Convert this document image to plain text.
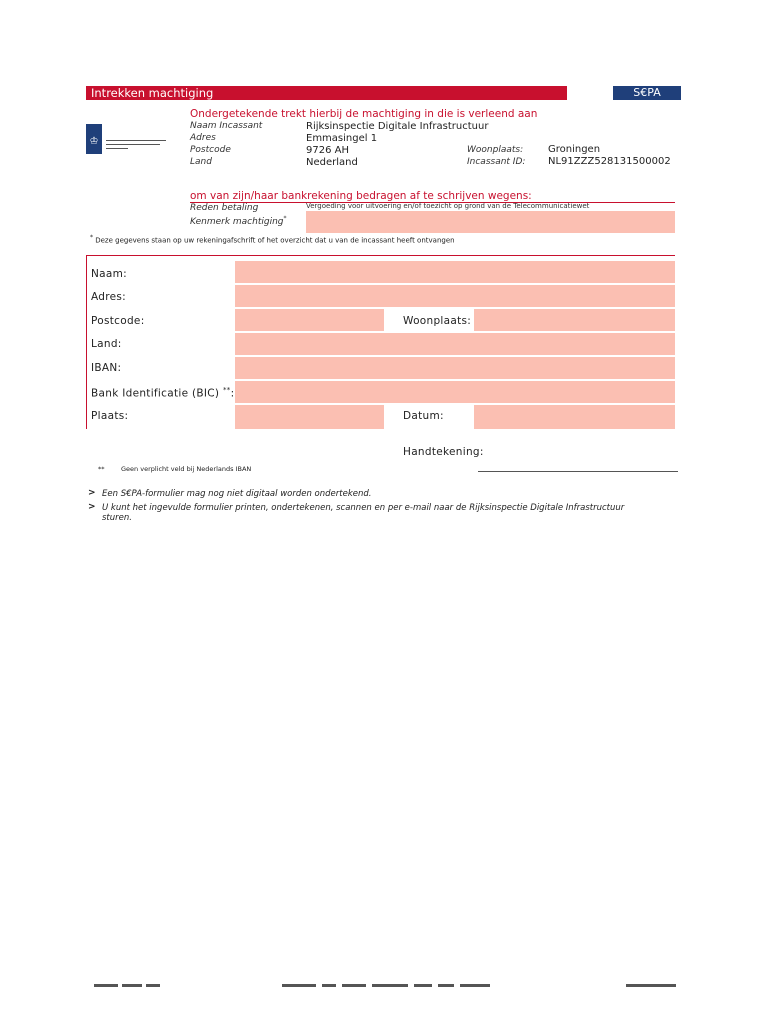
Intrekken machtiging	S€PA
♔
Ondergetekende trekt hierbij de machtiging in die is verleend aan
Naam Incassant	Rijksinspectie Digitale Infrastructuur
Adres	Emmasingel 1
Postcode	9726 AH
Land	Nederland
Woonplaats: Groningen
Incassant ID: NL91ZZZ528131500002
om van zijn/haar bankrekening bedragen af te schrijven wegens:
Reden betaling	Vergoeding voor uitvoering en/of toezicht op grond van de Telecommunicatiewet
Kenmerk machtiging*
* Deze gegevens staan op uw rekeningafschrift of het overzicht dat u van de incassant heeft ontvangen
Naam:
Adres:
Postcode:	Woonplaats:
Land:
IBAN:
Bank Identificatie (BIC) **:
Plaats:	Datum:
Handtekening:
**	Geen verplicht veld bij Nederlands IBAN
> Een S€PA-formulier mag nog niet digitaal worden ondertekend.
> U kunt het ingevulde formulier printen, ondertekenen, scannen en per e-mail naar de Rijksinspectie Digitale Infrastructuur
sturen.
